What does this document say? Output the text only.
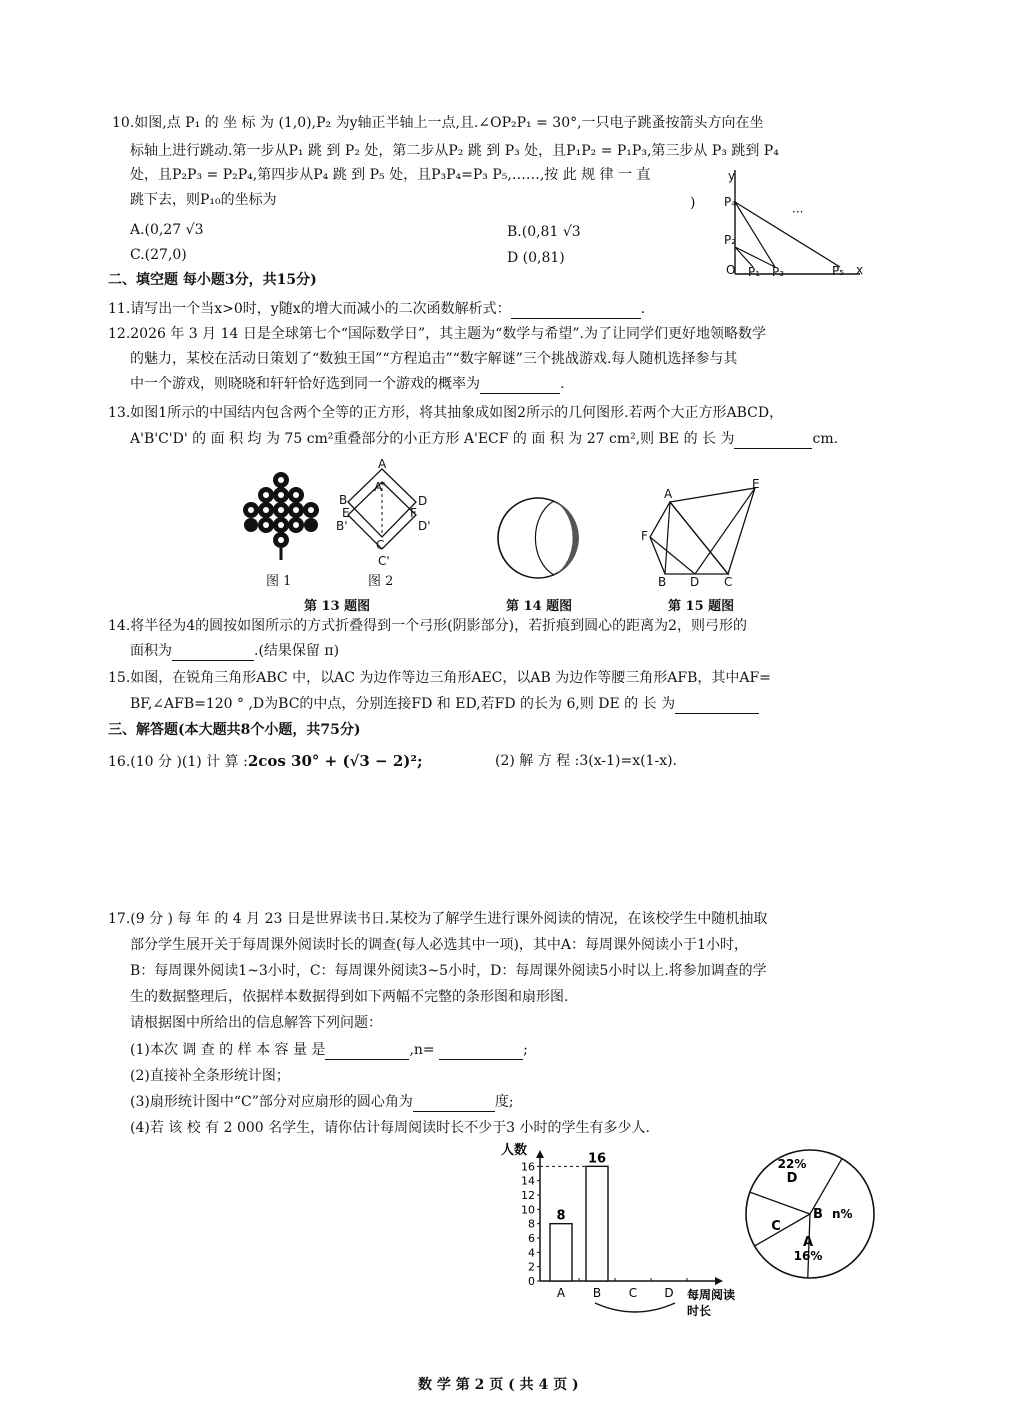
10.如图,点 P₁ 的 坐 标 为 (1,0),P₂ 为y轴正半轴上一点,且.∠OP₂P₁ = 30°,一只电子跳蚤按箭头方向在坐
标轴上进行跳动.第一步从P₁ 跳 到 P₂ 处，第二步从P₂ 跳 到 P₃ 处，且P₁P₂ = P₁P₃,第三步从 P₃ 跳到 P₄
处，且P₂P₃ = P₂P₄,第四步从P₄ 跳 到 P₅ 处，且P₃P₄=P₃ P₅,……,按 此 规 律 一 直
跳下去，则P₁₀的坐标为	)
A.(0,27 √3	B.(0,81 √3
C.(27,0)	D (0,81)
y
P₄
P₂
O P₁ P₃	P₅ x
···
二、填空题 每小题3分，共15分)
11.请写出一个当x>0时，y随x的增大而减小的二次函数解析式：	.
12.2026 年 3 月 14 日是全球第七个“国际数学日”，其主题为“数学与希望”.为了让同学们更好地领略数学
的魅力，某校在活动日策划了“数独王国”“方程追击”“数字解谜”三个挑战游戏.每人随机选择参与其
中一个游戏，则晓晓和轩轩恰好选到同一个游戏的概率为	.
13.如图1所示的中国结内包含两个全等的正方形，将其抽象成如图2所示的几何图形.若两个大正方形ABCD，
A'B'C'D' 的 面 积 均 为 75 cm²重叠部分的小正方形 A'ECF 的 面 积 为 27 cm²,则 BE 的 长 为	cm.
图 1
A
A'
B
E
B'
D
F
D'
C
C'
图 2
第 13 题图	第 14 题图
A
E
F
B D C
第 15 题图
14.将半径为4的圆按如图所示的方式折叠得到一个弓形(阴影部分)，若折痕到圆心的距离为2，则弓形的
面积为	.(结果保留 π)
15.如图，在锐角三角形ABC 中，以AC 为边作等边三角形AEC，以AB 为边作等腰三角形AFB，其中AF=
BF,∠AFB=120 ° ,D为BC的中点，分别连接FD 和 ED,若FD 的长为 6,则 DE 的 长 为
三、解答题(本大题共8个小题，共75分)
16.(10 分 )(1) 计 算 :2cos 30° + (√3 − 2)²;	(2) 解 方 程 :3(x-1)=x(1-x).
17.(9 分 ) 每 年 的 4 月 23 日是世界读书日.某校为了解学生进行课外阅读的情况，在该校学生中随机抽取
部分学生展开关于每周课外阅读时长的调查(每人必选其中一项)，其中A：每周课外阅读小于1小时，
B：每周课外阅读1~3小时，C：每周课外阅读3~5小时，D：每周课外阅读5小时以上.将参加调查的学
生的数据整理后，依据样本数据得到如下两幅不完整的条形图和扇形图.
请根据图中所给出的信息解答下列问题：
(1)本次 调 查 的 样 本 容 量 是	,n=	;
(2)直接补全条形统计图；
(3)扇形统计图中“C”部分对应扇形的圆心角为	度;
(4)若 该 校 有 2 000 名学生，请你估计每周阅读时长不少于3 小时的学生有多少人.
人数
0
2
4
6
8
10
12
14
16
8
A
16
B C D 每周阅读
时长
D
22%
B n%
A
16%
C
数 学 第 2 页 ( 共 4 页 )
